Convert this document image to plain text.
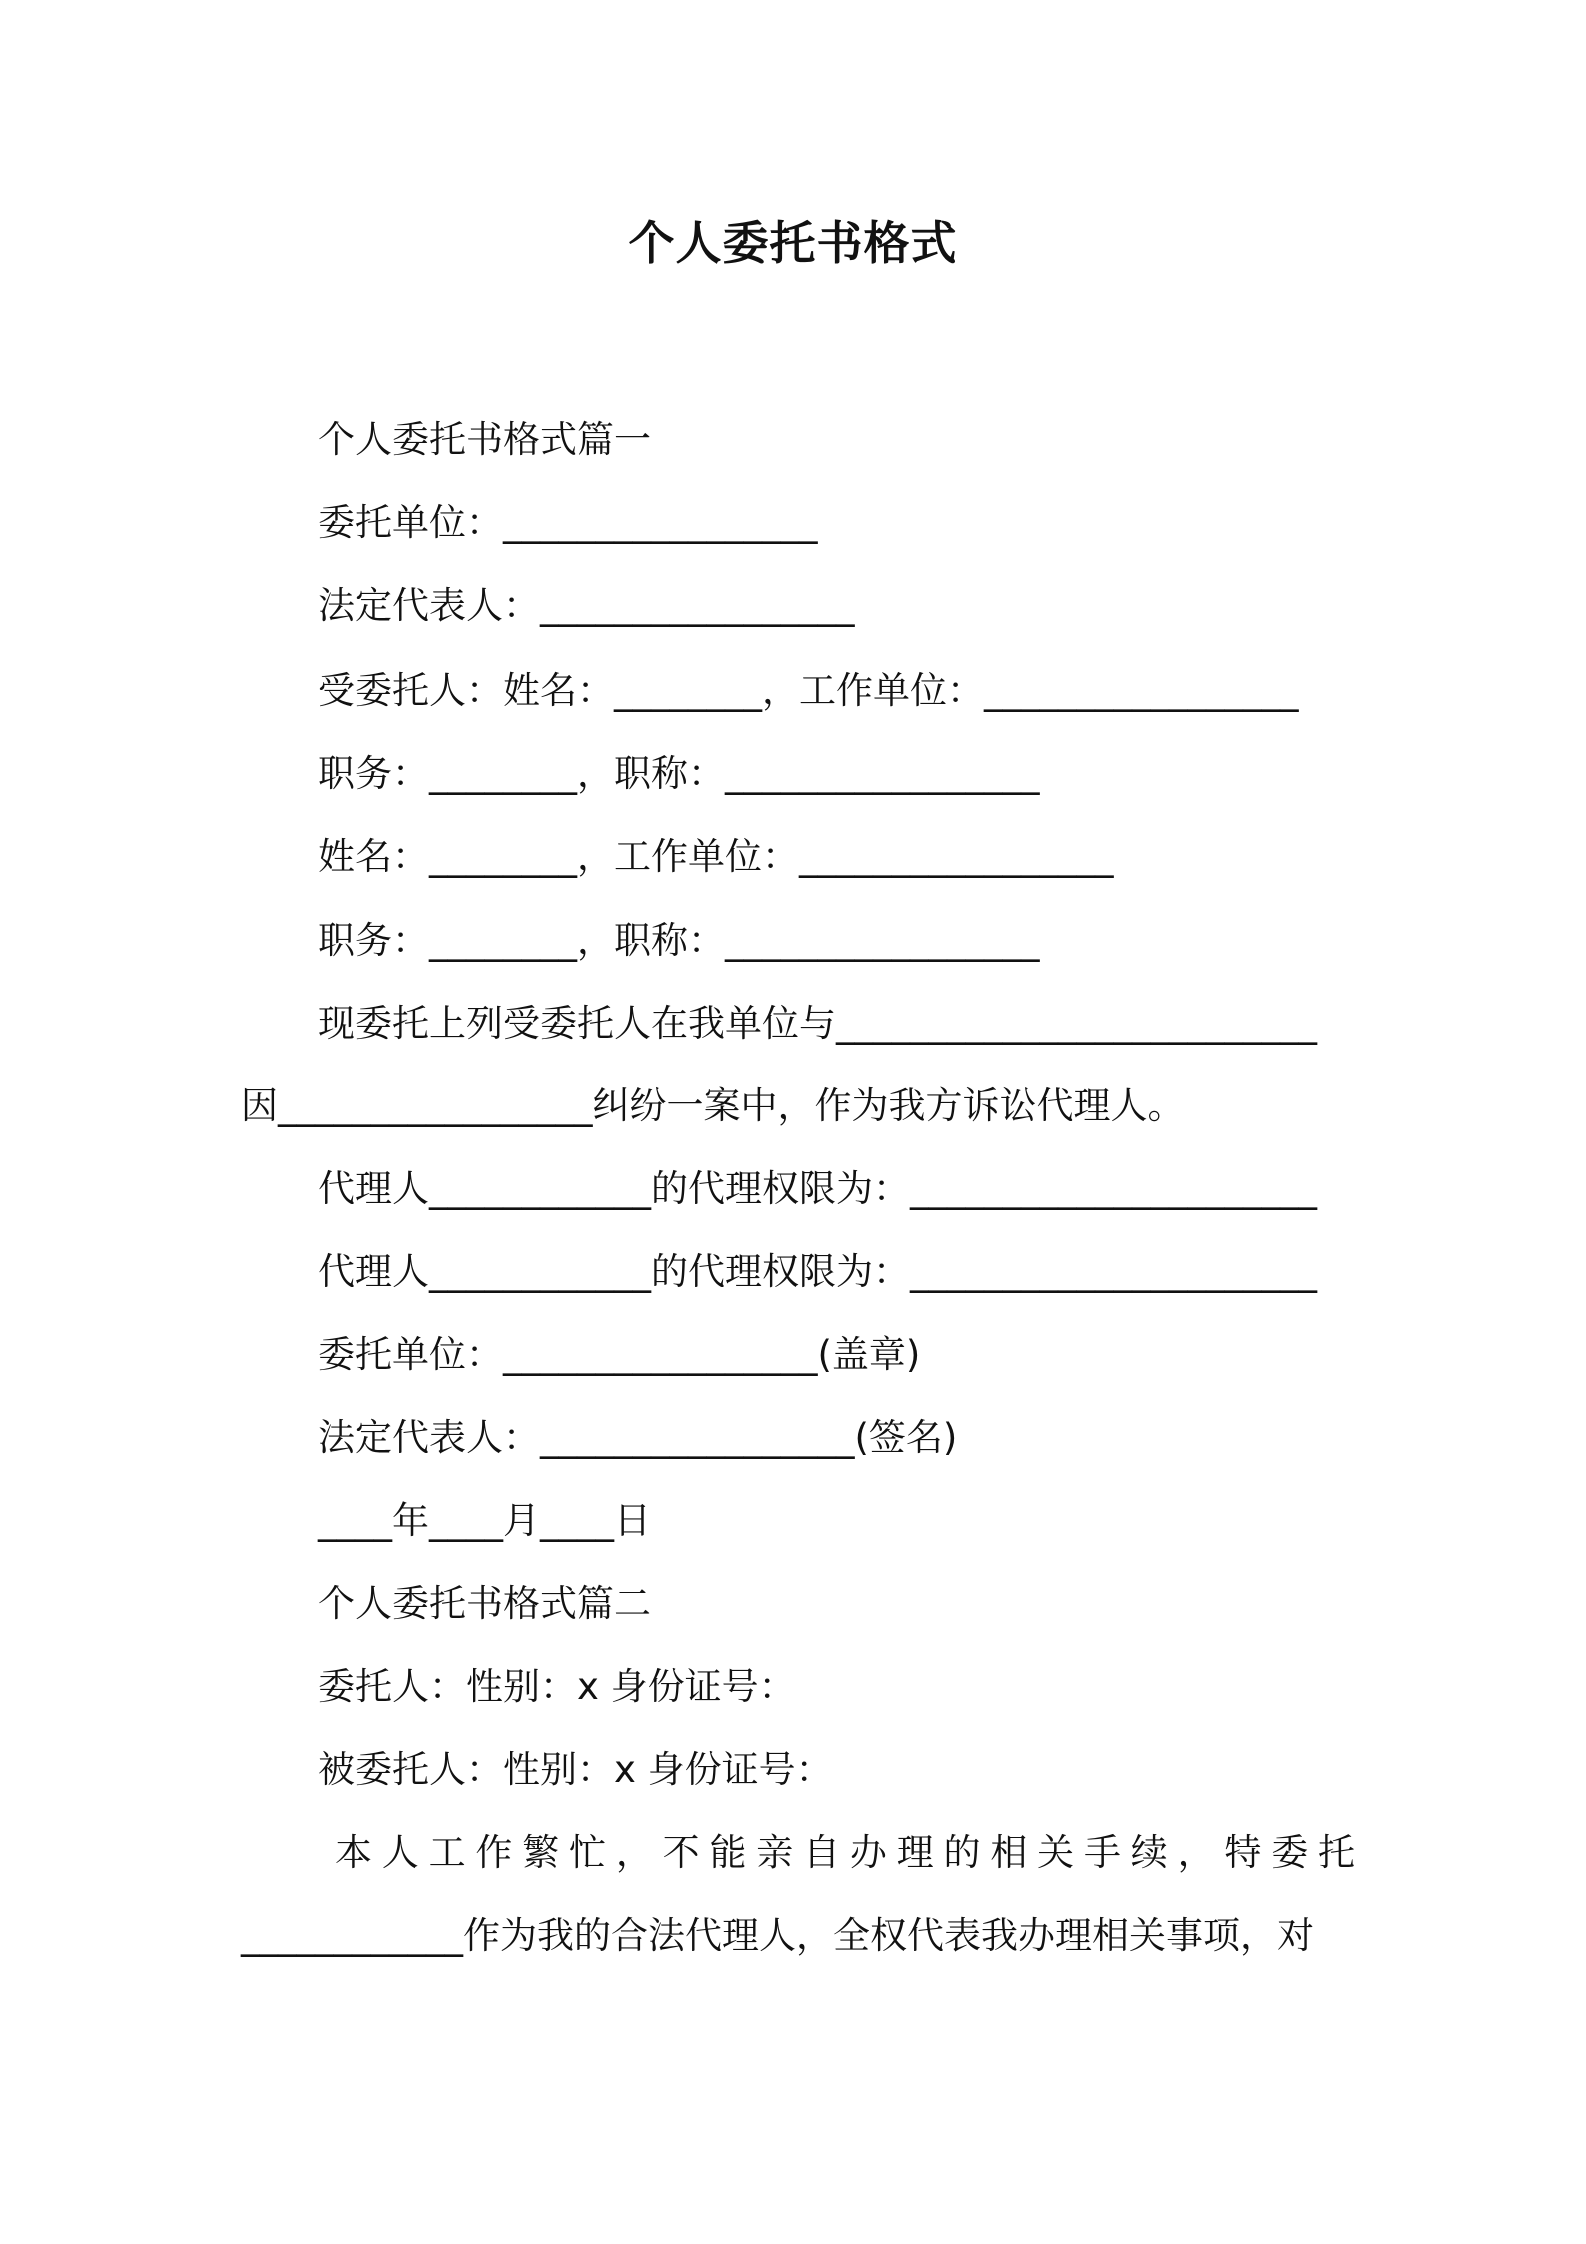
个人委托书格式
个人委托书格式篇一
委托单位：_________________
法定代表人：_________________
受委托人：姓名：________，工作单位：_________________
职务：________，职称：_________________
姓名：________，工作单位：_________________
职务：________，职称：_________________
现委托上列受委托人在我单位与__________________________
因_________________纠纷一案中，作为我方诉讼代理人。
代理人____________的代理权限为：______________________
代理人____________的代理权限为：______________________
委托单位：_________________(盖章)
法定代表人：_________________(签名)
____年____月____日
个人委托书格式篇二
委托人：性别：x 身份证号：
被委托人：性别：x 身份证号：
本人工作繁忙，不能亲自办理的相关手续，特委托
____________作为我的合法代理人，全权代表我办理相关事项，对
